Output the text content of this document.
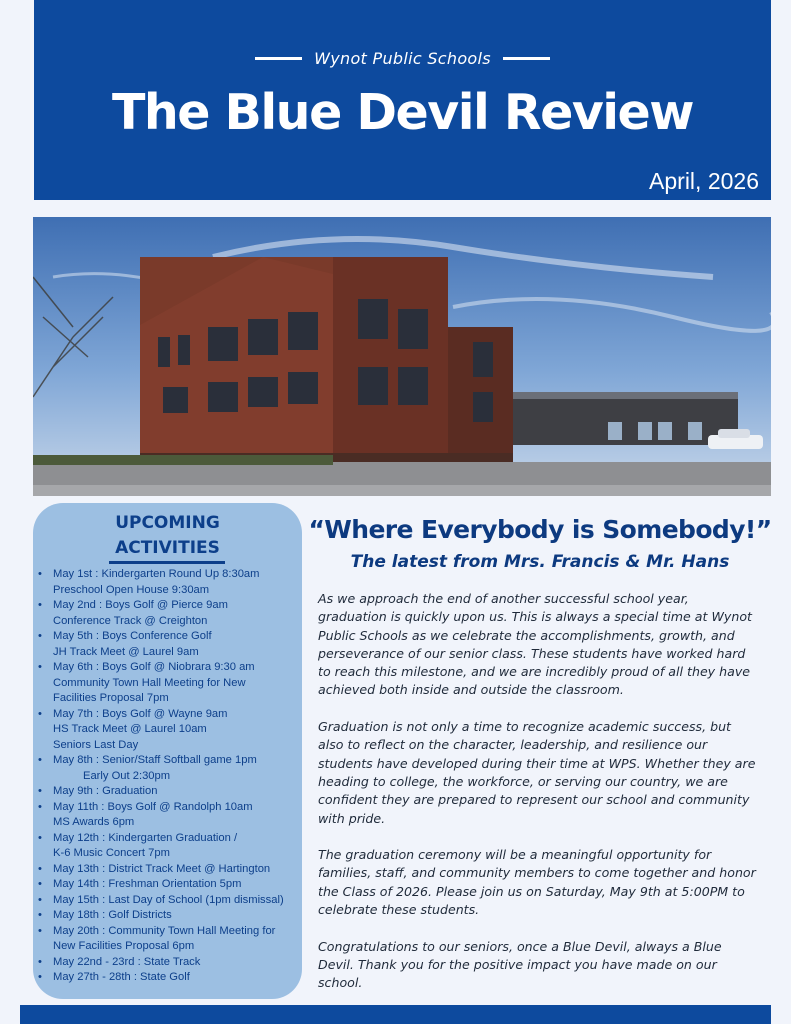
Wynot Public Schools
The Blue Devil Review
April, 2026
UPCOMING
ACTIVITIES
• May 1st : Kindergarten Round Up 8:30am
Preschool Open House 9:30am
• May 2nd : Boys Golf @ Pierce 9am
Conference Track @ Creighton
• May 5th : Boys Conference Golf
JH Track Meet @ Laurel 9am
• May 6th : Boys Golf @ Niobrara 9:30 am
Community Town Hall Meeting for New
Facilities Proposal 7pm
• May 7th : Boys Golf @ Wayne 9am
HS Track Meet @ Laurel 10am
Seniors Last Day
• May 8th : Senior/Staff Softball game 1pm
Early Out 2:30pm
• May 9th : Graduation
• May 11th : Boys Golf @ Randolph 10am
MS Awards 6pm
• May 12th : Kindergarten Graduation /
K-6 Music Concert 7pm
• May 13th : District Track Meet @ Hartington
• May 14th : Freshman Orientation 5pm
• May 15th : Last Day of School (1pm dismissal)
• May 18th : Golf Districts
• May 20th : Community Town Hall Meeting for
New Facilities Proposal 6pm
• May 22nd - 23rd : State Track
• May 27th - 28th : State Golf
“Where Everybody is Somebody!”
The latest from Mrs. Francis & Mr. Hans

As we approach the end of another successful school year, graduation is quickly upon us. This is always a special time at Wynot Public Schools as we celebrate the accomplishments, growth, and perseverance of our senior class. These students have worked hard to reach this milestone, and we are incredibly proud of all they have achieved both inside and outside the classroom.

Graduation is not only a time to recognize academic success, but also to reflect on the character, leadership, and resilience our students have developed during their time at WPS. Whether they are heading to college, the workforce, or serving our country, we are confident they are prepared to represent our school and community with pride.

The graduation ceremony will be a meaningful opportunity for families, staff, and community members to come together and honor the Class of 2026. Please join us on Saturday, May 9th at 5:00PM to celebrate these students.

Congratulations to our seniors, once a Blue Devil, always a Blue Devil. Thank you for the positive impact you have made on our school.
